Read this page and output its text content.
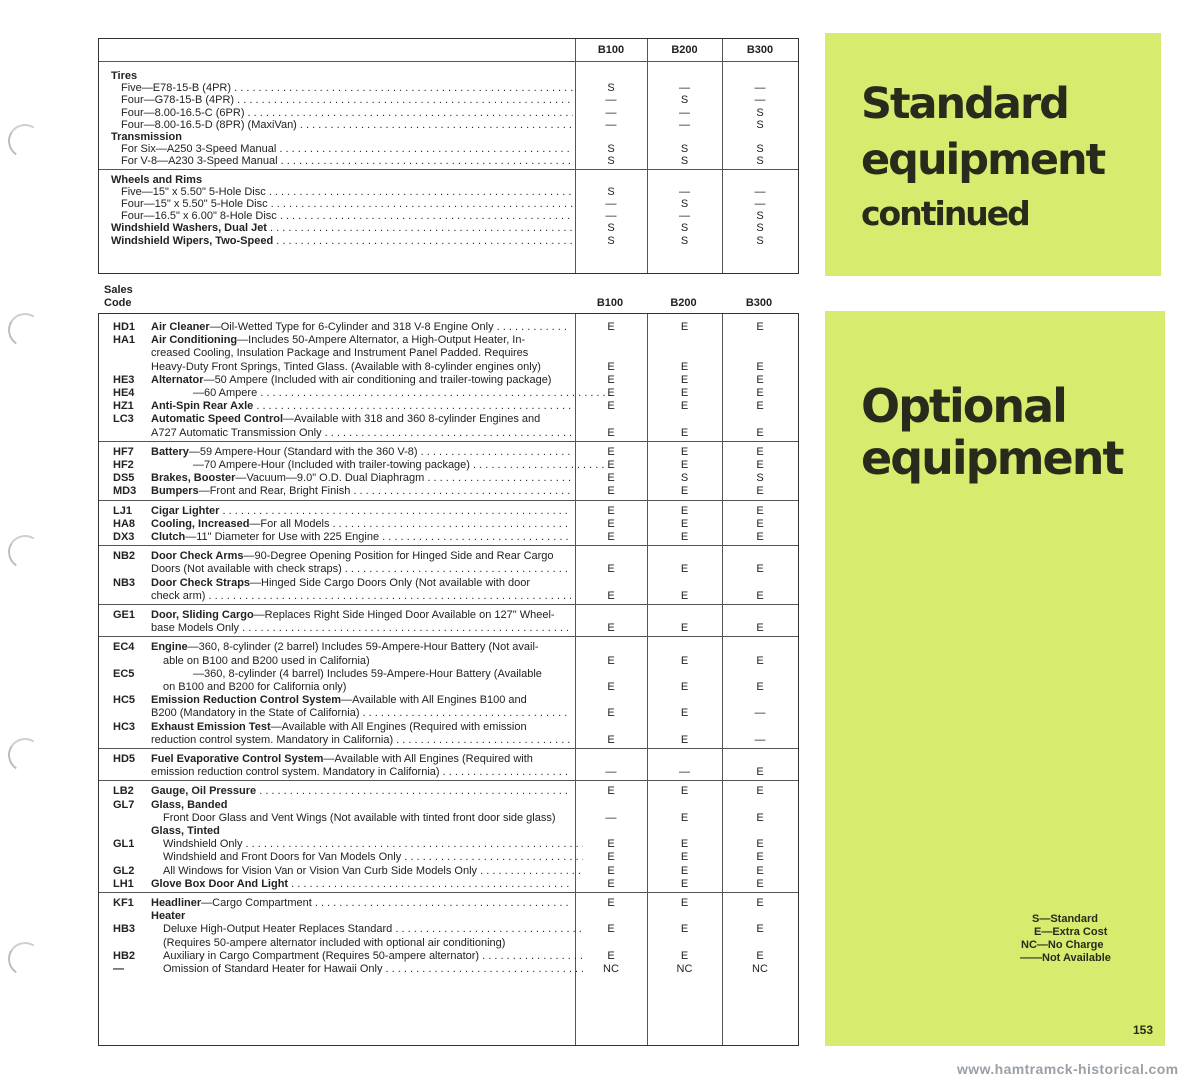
B100	B200	B300
Tires
Five—E78-15-B (4PR) . . .	S	—	—
Four—G78-15-B (4PR) . . .	—	S	—
Four—8.00-16.5-C (6PR) . . .	—	—	S
Four—8.00-16.5-D (8PR) (MaxiVan) . . .	—	—	S
Transmission
For Six—A250 3-Speed Manual . . .	S	S	S
For V-8—A230 3-Speed Manual . . .	S	S	S
Wheels and Rims
Five—15" x 5.50" 5-Hole Disc . . .	S	—	—
Four—15" x 5.50" 5-Hole Disc . . .	—	S	—
Four—16.5" x 6.00" 8-Hole Disc . . .	—	—	S
Windshield Washers, Dual Jet . . .	S	S	S
Windshield Wipers, Two-Speed . . .	S	S	S
Sales
Code	B100	B200	B300
HD1 Air Cleaner—Oil-Wetted Type for 6-Cylinder and 318 V-8 Engine Only . . .	E	E	E
HA1 Air Conditioning—Includes 50-Ampere Alternator, a High-Output Heater, In-
creased Cooling, Insulation Package and Instrument Panel Padded. Requires
Heavy-Duty Front Springs, Tinted Glass. (Available with 8-cylinder engines only)	E	E	E
HE3 Alternator—50 Ampere (Included with air conditioning and trailer-towing package)	E	E	E
HE4	—60 Ampere . . .	E	E	E
HZ1 Anti-Spin Rear Axle . . .	E	E	E
LC3 Automatic Speed Control—Available with 318 and 360 8-cylinder Engines and
A727 Automatic Transmission Only . . .	E	E	E
HF7 Battery—59 Ampere-Hour (Standard with the 360 V-8) . . .	E	E	E
HF2	—70 Ampere-Hour (Included with trailer-towing package) . . .	E	E	E
DS5 Brakes, Booster—Vacuum—9.0" O.D. Dual Diaphragm . . .	E	S	S
MD3 Bumpers—Front and Rear, Bright Finish . . .	E	E	E
LJ1 Cigar Lighter . . .	E	E	E
HA8 Cooling, Increased—For all Models . . .	E	E	E
DX3 Clutch—11" Diameter for Use with 225 Engine . . .	E	E	E
NB2 Door Check Arms—90-Degree Opening Position for Hinged Side and Rear Cargo
Doors (Not available with check straps) . . .	E	E	E
NB3 Door Check Straps—Hinged Side Cargo Doors Only (Not available with door
check arm) . . .	E	E	E
GE1 Door, Sliding Cargo—Replaces Right Side Hinged Door Available on 127" Wheel-
base Models Only . . .	E	E	E
EC4 Engine—360, 8-cylinder (2 barrel) Includes 59-Ampere-Hour Battery (Not avail-
able on B100 and B200 used in California)	E	E	E
EC5	—360, 8-cylinder (4 barrel) Includes 59-Ampere-Hour Battery (Available
on B100 and B200 for California only)	E	E	E
HC5 Emission Reduction Control System—Available with All Engines B100 and
B200 (Mandatory in the State of California) . . .	E	E	—
HC3 Exhaust Emission Test—Available with All Engines (Required with emission
reduction control system. Mandatory in California) . . .	E	E	—
HD5 Fuel Evaporative Control System—Available with All Engines (Required with
emission reduction control system. Mandatory in California) . . .	—	—	E
LB2 Gauge, Oil Pressure . . .	E	E	E
GL7 Glass, Banded
Front Door Glass and Vent Wings (Not available with tinted front door side glass)	—	E	E
Glass, Tinted
GL1	Windshield Only . . .	E	E	E
Windshield and Front Doors for Van Models Only . . .	E	E	E
GL2	All Windows for Vision Van or Vision Van Curb Side Models Only . . .	E	E	E
LH1 Glove Box Door And Light . . .	E	E	E
KF1 Headliner—Cargo Compartment . . .	E	E	E
Heater
HB3	Deluxe High-Output Heater Replaces Standard . . .	E	E	E
(Requires 50-ampere alternator included with optional air conditioning)
HB2	Auxiliary in Cargo Compartment (Requires 50-ampere alternator) . . .	E	E	E
—	Omission of Standard Heater for Hawaii Only . . .	NC	NC	NC
Standard
equipment
continued
Optional
equipment
S—Standard
E—Extra Cost
NC—No Charge
——Not Available
153
www.hamtramck-historical.com
